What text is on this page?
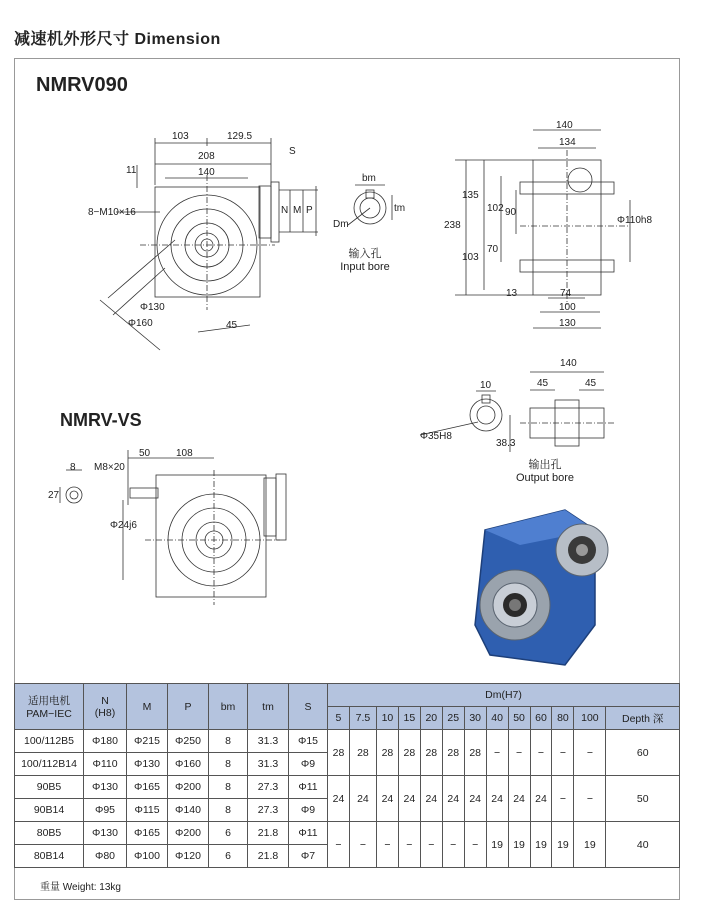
减速机外形尺寸 Dimension
NMRV090
NMRV-VS
103	129.5
208
140
S
11
8−M10×16	N M P
Φ130
Φ160	45
bm
tm
Dm
输入孔
Input bore
140
134
238
135
102 90
103
70
13	74
100
130
Φ110h8
140
45	45
10
Φ35H8
38.3
输出孔
Output bore
8 M8×20
50	108
27
Φ24j6
适用电机
PAM−IEC	N
(H8)	M	P	bm	tm	S	Dm(H7)												
							5	7.5	10	15	20	25	30	40	50	60	80	100	Depth 深
100/112B5	Φ180	Φ215	Φ250	8	31.3	Φ15	28	28	28	28	28	28	28	−	−	−	−	−	60
100/112B14	Φ110	Φ130	Φ160	8	31.3	Φ9													
90B5	Φ130	Φ165	Φ200	8	27.3	Φ11	24	24	24	24	24	24	24	24	24	24	−	−	50
90B14	Φ95	Φ115	Φ140	8	27.3	Φ9													
80B5	Φ130	Φ165	Φ200	6	21.8	Φ11	−	−	−	−	−	−	−	19	19	19	19	19	40
80B14	Φ80	Φ100	Φ120	6	21.8	Φ7													
重量 Weight: 13kg
